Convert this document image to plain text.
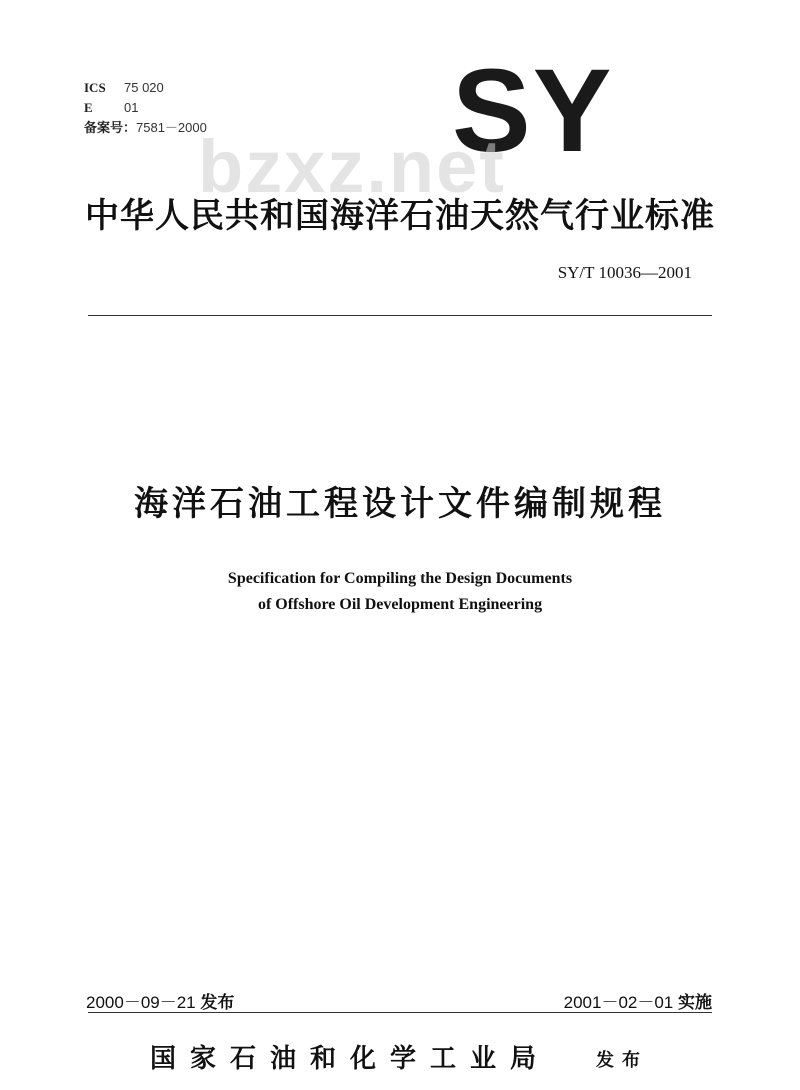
ICS 75 020
E 01
备案号：7581－2000 SY
bzxz.net
中华人民共和国海洋石油天然气行业标准
SY/T 10036—2001
海洋石油工程设计文件编制规程
Specification for Compiling the Design Documents
of Offshore Oil Development Engineering
2000－09－21 发布	2001－02－01 实施
国家石油和化学工业局	发布
